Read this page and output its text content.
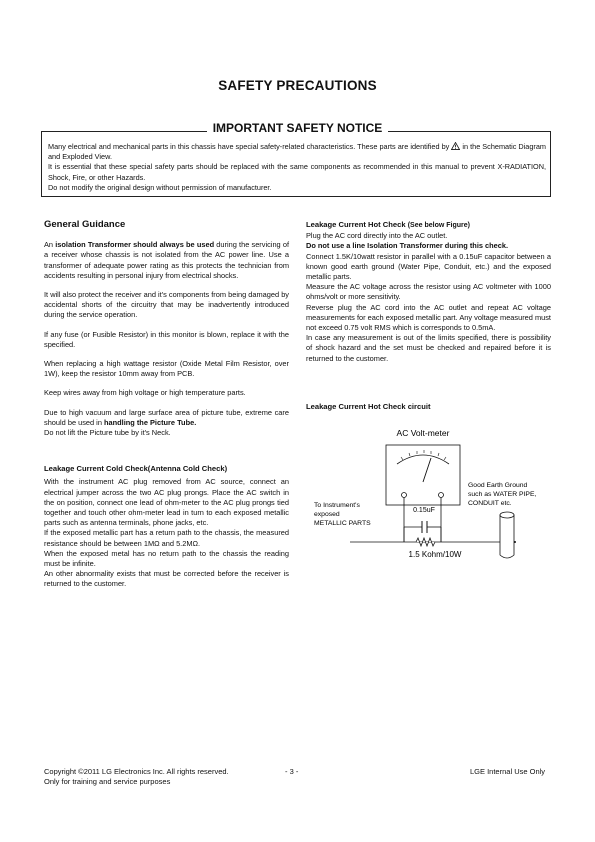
SAFETY PRECAUTIONS
IMPORTANT SAFETY NOTICE

Many electrical and mechanical parts in this chassis have special safety-related characteristics. These parts are identified by in the Schematic Diagram and Exploded View.

It is essential that these special safety parts should be replaced with the same components as recommended in this manual to prevent X-RADIATION, Shock, Fire, or other Hazards.

Do not modify the original design without permission of manufacturer.

General Guidance

An isolation Transformer should always be used during the servicing of a receiver whose chassis is not isolated from the AC power line. Use a transformer of adequate power rating as this protects the technician from accidents resulting in personal injury from electrical shocks.

It will also protect the receiver and it's components from being damaged by accidental shorts of the circuitry that may be inadvertently introduced during the service operation.

If any fuse (or Fusible Resistor) in this monitor is blown, replace it with the specified.

When replacing a high wattage resistor (Oxide Metal Film Resistor, over 1W), keep the resistor 10mm away from PCB.

Keep wires away from high voltage or high temperature parts.

Due to high vacuum and large surface area of picture tube, extreme care should be used in handling the Picture Tube.

Do not lift the Picture tube by it's Neck.

Leakage Current Cold Check(Antenna Cold Check)

With the instrument AC plug removed from AC source, connect an electrical jumper across the two AC plug prongs. Place the AC switch in the on position, connect one lead of ohm-meter to the AC plug prongs tied together and touch other ohm-meter lead in turn to each exposed metallic parts such as antenna terminals, phone jacks, etc.

If the exposed metallic part has a return path to the chassis, the measured resistance should be between 1MΩ and 5.2MΩ.

When the exposed metal has no return path to the chassis the reading must be infinite.

An other abnormality exists that must be corrected before the receiver is returned to the customer.

Leakage Current Hot Check (See below Figure)

Plug the AC cord directly into the AC outlet.

Do not use a line Isolation Transformer during this check.

Connect 1.5K/10watt resistor in parallel with a 0.15uF capacitor between a known good earth ground (Water Pipe, Conduit, etc.) and the exposed metallic parts.

Measure the AC voltage across the resistor using AC voltmeter with 1000 ohms/volt or more sensitivity.

Reverse plug the AC cord into the AC outlet and repeat AC voltage measurements for each exposed metallic part. Any voltage measured must not exceed 0.75 volt RMS which is corresponds to 0.5mA.

In case any measurement is out of the limits specified, there is possibility of shock hazard and the set must be checked and repaired before it is returned to the customer.

Leakage Current Hot Check circuit

AC Volt-meter
0.15uF
1.5 Kohm/10W
To Instrument's
exposed
METALLIC PARTS
Good Earth Ground
such as WATER PIPE,
CONDUIT etc.
Copyright ©2011 LG Electronics Inc. All rights reserved.
Only for training and service purposes
- 3 -	LGE Internal Use Only
